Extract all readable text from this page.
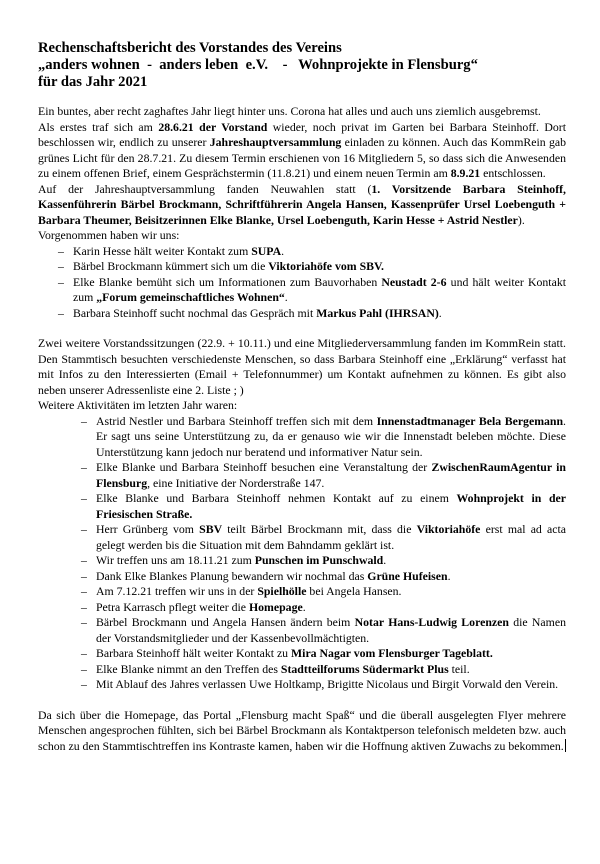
Rechenschaftsbericht des Vorstandes des Vereins
„anders wohnen  -  anders leben  e.V.    -   Wohnprojekte in Flensburg“
für das Jahr 2021

Ein buntes, aber recht zaghaftes Jahr liegt hinter uns. Corona hat alles und auch uns ziemlich ausgebremst.

Als erstes traf sich am 28.6.21 der Vorstand wieder, noch privat im Garten bei Barbara Steinhoff. Dort beschlossen wir, endlich zu unserer Jahreshauptversammlung einladen zu können. Auch das KommRein gab grünes Licht für den 28.7.21. Zu diesem Termin erschienen von 16 Mitgliedern 5, so dass sich die Anwesenden zu einem offenen Brief, einem Gesprächstermin (11.8.21) und einem neuen Termin am 8.9.21 entschlossen.

Auf der Jahreshauptversammlung fanden Neuwahlen statt (1. Vorsitzende Barbara Steinhoff, Kassenführerin Bärbel Brockmann, Schriftführerin Angela Hansen, Kassenprüfer Ursel Loebenguth + Barbara Theumer, Beisitzerinnen Elke Blanke, Ursel Loebenguth, Karin Hesse + Astrid Nestler).

Vorgenommen haben wir uns:

– Karin Hesse hält weiter Kontakt zum SUPA.
– Bärbel Brockmann kümmert sich um die Viktoriahöfe vom SBV.
– Elke Blanke bemüht sich um Informationen zum Bauvorhaben Neustadt 2-6 und hält weiter Kontakt zum „Forum gemeinschaftliches Wohnen“.
– Barbara Steinhoff sucht nochmal das Gespräch mit Markus Pahl (IHRSAN).

Zwei weitere Vorstandssitzungen (22.9. + 10.11.) und eine Mitgliederversammlung fanden im KommRein statt. Den Stammtisch besuchten verschiedenste Menschen, so dass Barbara Steinhoff eine „Erklärung“ verfasst hat mit Infos zu den Interessierten (Email + Telefonnummer) um Kontakt aufnehmen zu können. Es gibt also neben unserer Adressenliste eine 2. Liste ; )

Weitere Aktivitäten im letzten Jahr waren:

– Astrid Nestler und Barbara Steinhoff treffen sich mit dem Innenstadtmanager Bela Bergemann. Er sagt uns seine Unterstützung zu, da er genauso wie wir die Innenstadt beleben möchte. Diese Unterstützung kann jedoch nur beratend und informativer Natur sein.
– Elke Blanke und Barbara Steinhoff besuchen eine Veranstaltung der ZwischenRaumAgentur in Flensburg, eine Initiative der Norderstraße 147.
– Elke Blanke und Barbara Steinhoff nehmen Kontakt auf zu einem Wohnprojekt in der Friesischen Straße.
– Herr Grünberg vom SBV teilt Bärbel Brockmann mit, dass die Viktoriahöfe erst mal ad acta gelegt werden bis die Situation mit dem Bahndamm geklärt ist.
– Wir treffen uns am 18.11.21 zum Punschen im Punschwald.
– Dank Elke Blankes Planung bewandern wir nochmal das Grüne Hufeisen.
– Am 7.12.21 treffen wir uns in der Spielhölle bei Angela Hansen.
– Petra Karrasch pflegt weiter die Homepage.
– Bärbel Brockmann und Angela Hansen ändern beim Notar Hans-Ludwig Lorenzen die Namen der Vorstandsmitglieder und der Kassenbevollmächtigten.
– Barbara Steinhoff hält weiter Kontakt zu Mira Nagar vom Flensburger Tageblatt.
– Elke Blanke nimmt an den Treffen des Stadtteilforums Südermarkt Plus teil.
– Mit Ablauf des Jahres verlassen Uwe Holtkamp, Brigitte Nicolaus und Birgit Vorwald den Verein.

Da sich über die Homepage, das Portal „Flensburg macht Spaß“ und die überall ausgelegten Flyer mehrere Menschen angesprochen fühlten, sich bei Bärbel Brockmann als Kontaktperson telefonisch meldeten bzw. auch schon zu den Stammtischtreffen ins Kontraste kamen, haben wir die Hoffnung aktiven Zuwachs zu bekommen.
